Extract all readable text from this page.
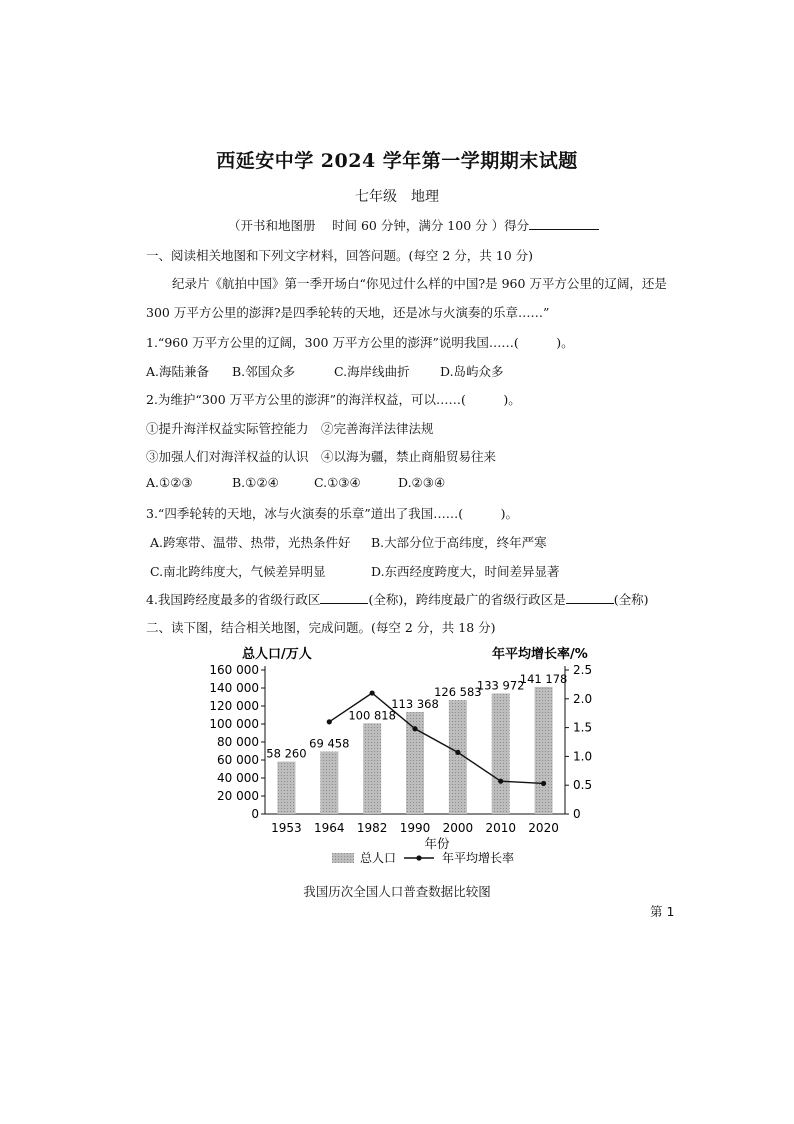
西延安中学 2024 学年第一学期期末试题
七年级　地理
（开书和地图册　 时间 60 分钟，满分 100 分 ）得分
一、阅读相关地图和下列文字材料，回答问题。(每空 2 分，共 10 分)
纪录片《航拍中国》第一季开场白“你见过什么样的中国?是 960 万平方公里的辽阔，还是
300 万平方公里的澎湃?是四季轮转的天地，还是冰与火演奏的乐章……”
1.“960 万平方公里的辽阔，300 万平方公里的澎湃”说明我国……(　　　)。
A.海陆兼备 B.邻国众多	C.海岸线曲折 D.岛屿众多
2.为维护“300 万平方公里的澎湃”的海洋权益，可以……(　　　)。
①提升海洋权益实际管控能力　②完善海洋法律法规
③加强人们对海洋权益的认识　④以海为疆，禁止商船贸易往来
A.①②③	B.①②④	C.①③④	D.②③④
3.“四季轮转的天地，冰与火演奏的乐章”道出了我国……(　　　)。
A.跨寒带、温带、热带，光热条件好 B.大部分位于高纬度，终年严寒
C.南北跨纬度大，气候差异明显	D.东西经度跨度大，时间差异显著
4.我国跨经度最多的省级行政区	(全称)，跨纬度最广的省级行政区是	(全称)
二、读下图，结合相关地图，完成问题。(每空 2 分，共 18 分)
总人口/万人	年平均增长率/%
0
20 000
40 000
60 000
80 000
100 000
120 000
140 000
160 000
0
0.5
1.0
1.5
2.0
2.5
58 260
1953
69 458
1964
100 818
1982
113 368
1990
126 583
2000
133 972
2010
141 178
2020
年份
总人口	年平均增长率
我国历次全国人口普查数据比较图
第 1
